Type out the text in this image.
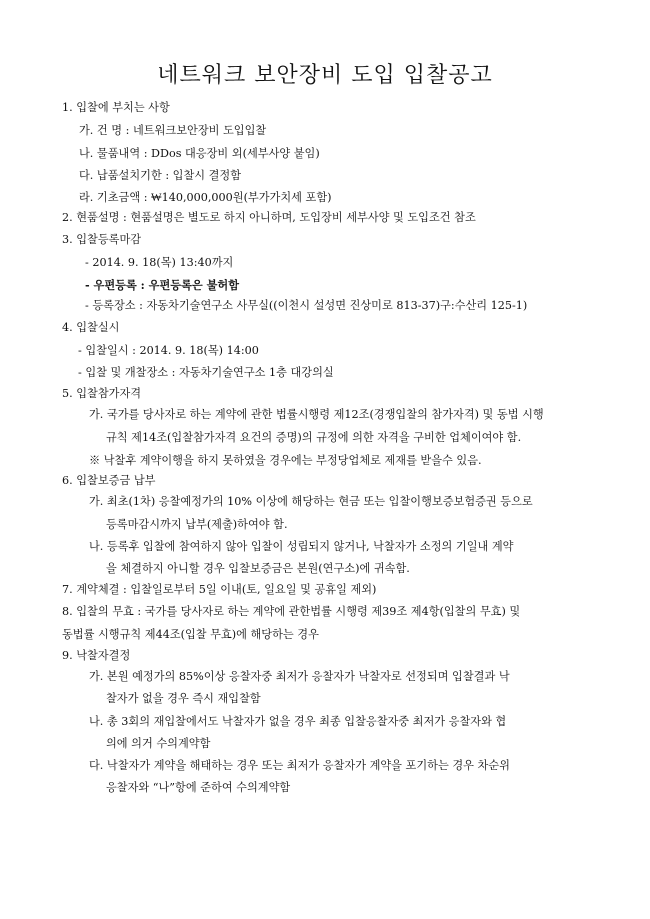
네트워크 보안장비 도입 입찰공고
1. 입찰에 부치는 사항
가. 건 명 : 네트워크보안장비 도입입찰
나. 물품내역 : DDos 대응장비 외(세부사양 붙임)
다. 납품설치기한 : 입찰시 결정함
라. 기초금액 : ₩140,000,000원(부가가치세 포함)
2. 현품설명 : 현품설명은 별도로 하지 아니하며, 도입장비 세부사양 및 도입조건 참조
3. 입찰등록마감
- 2014. 9. 18(목) 13:40까지
- 우편등록 : 우편등록은 불허함
- 등록장소 : 자동차기술연구소 사무실((이천시 설성면 진상미로 813-37)구:수산리 125-1)
4. 입찰실시
- 입찰일시 : 2014. 9. 18(목) 14:00
- 입찰 및 개찰장소 : 자동차기술연구소 1층 대강의실
5. 입찰참가자격
가. 국가를 당사자로 하는 계약에 관한 법률시행령 제12조(경쟁입찰의 참가자격) 및 동법 시행
규칙 제14조(입찰참가자격 요건의 증명)의 규정에 의한 자격을 구비한 업체이여야 함.
※ 낙찰후 계약이행을 하지 못하였을 경우에는 부정당업체로 제재를 받을수 있음.
6. 입찰보증금 납부
가. 최초(1차) 응찰예정가의 10% 이상에 해당하는 현금 또는 입찰이행보증보험증권 등으로
등록마감시까지 납부(제출)하여야 함.
나. 등록후 입찰에 참여하지 않아 입찰이 성립되지 않거나, 낙찰자가 소정의 기일내 계약
을 체결하지 아니할 경우 입찰보증금은 본원(연구소)에 귀속함.
7. 계약체결 : 입찰일로부터 5일 이내(토, 일요일 및 공휴일 제외)
8. 입찰의 무효 : 국가를 당사자로 하는 계약에 관한법률 시행령 제39조 제4항(입찰의 무효) 및
동법률 시행규칙 제44조(입찰 무효)에 해당하는 경우
9. 낙찰자결정
가. 본원 예정가의 85%이상 응찰자중 최저가 응찰자가 낙찰자로 선정되며 입찰결과 낙
찰자가 없을 경우 즉시 재입찰함
나. 총 3회의 재입찰에서도 낙찰자가 없을 경우 최종 입찰응찰자중 최저가 응찰자와 협
의에 의거 수의계약함
다. 낙찰자가 계약을 해태하는 경우 또는 최저가 응찰자가 계약을 포기하는 경우 차순위
응찰자와 “나”항에 준하여 수의계약함
